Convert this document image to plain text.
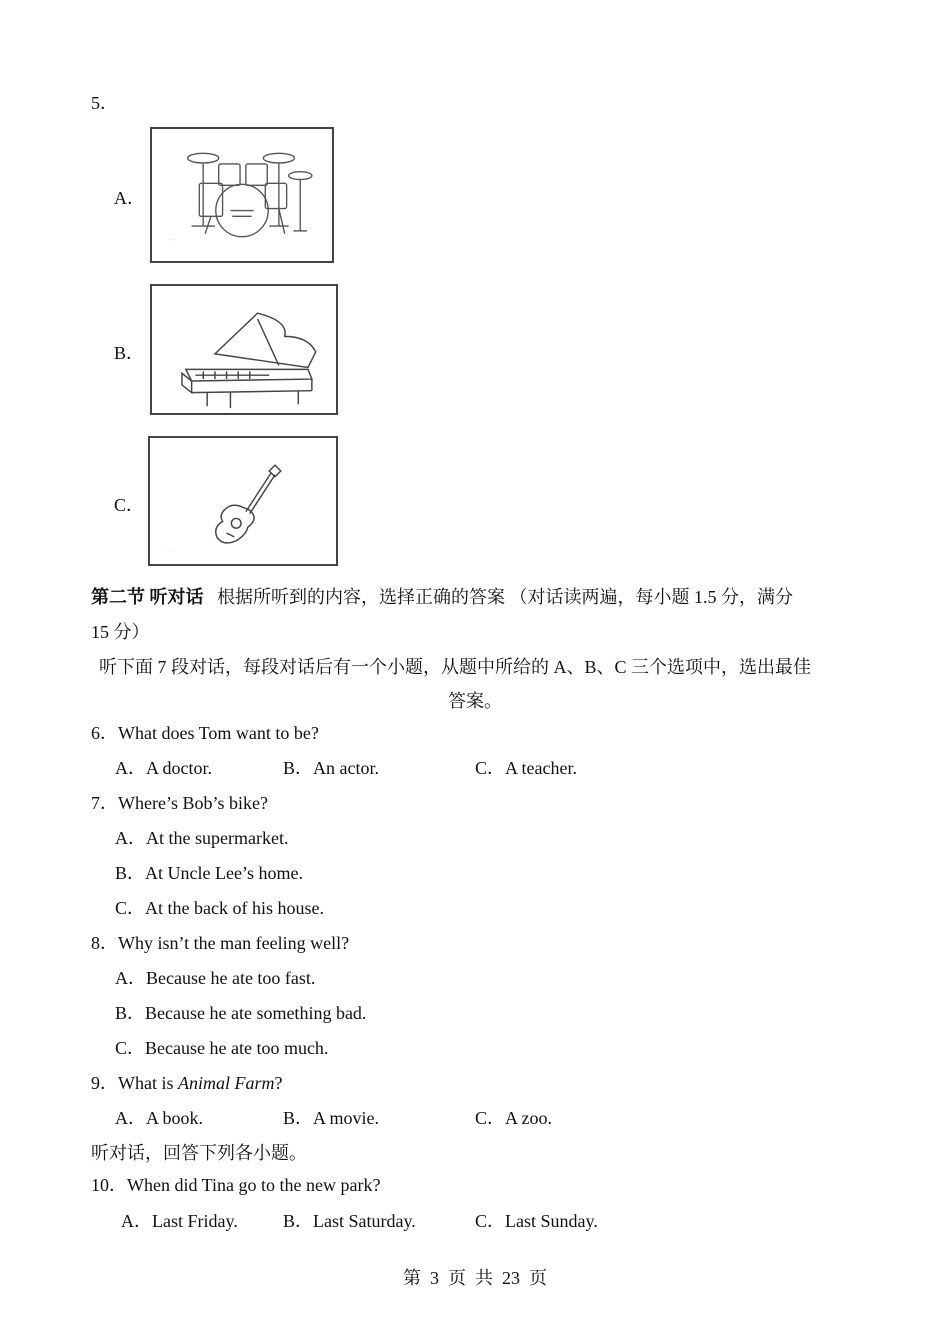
5．
A．
· · ·
B．
C．
· · ·
第二节 听对话 根据所听到的内容，选择正确的答案 （对话读两遍，每小题 1.5 分，满分
15 分）
听下面 7 段对话，每段对话后有一个小题，从题中所给的 A、B、C 三个选项中，选出最佳
答案。
6．What does Tom want to be?
A．A doctor.	B．An actor.	C．A teacher.
7．Where’s Bob’s bike?
A．At the supermarket.
B．At Uncle Lee’s home.
C．At the back of his house.
8．Why isn’t the man feeling well?
A．Because he ate too fast.
B．Because he ate something bad.
C．Because he ate too much.
9．What is Animal Farm?
A．A book.	B．A movie.	C．A zoo.
听对话，回答下列各小题。
10．When did Tina go to the new park?
A．Last Friday.	B．Last Saturday.	C．Last Sunday.
第  3  页  共  23  页
